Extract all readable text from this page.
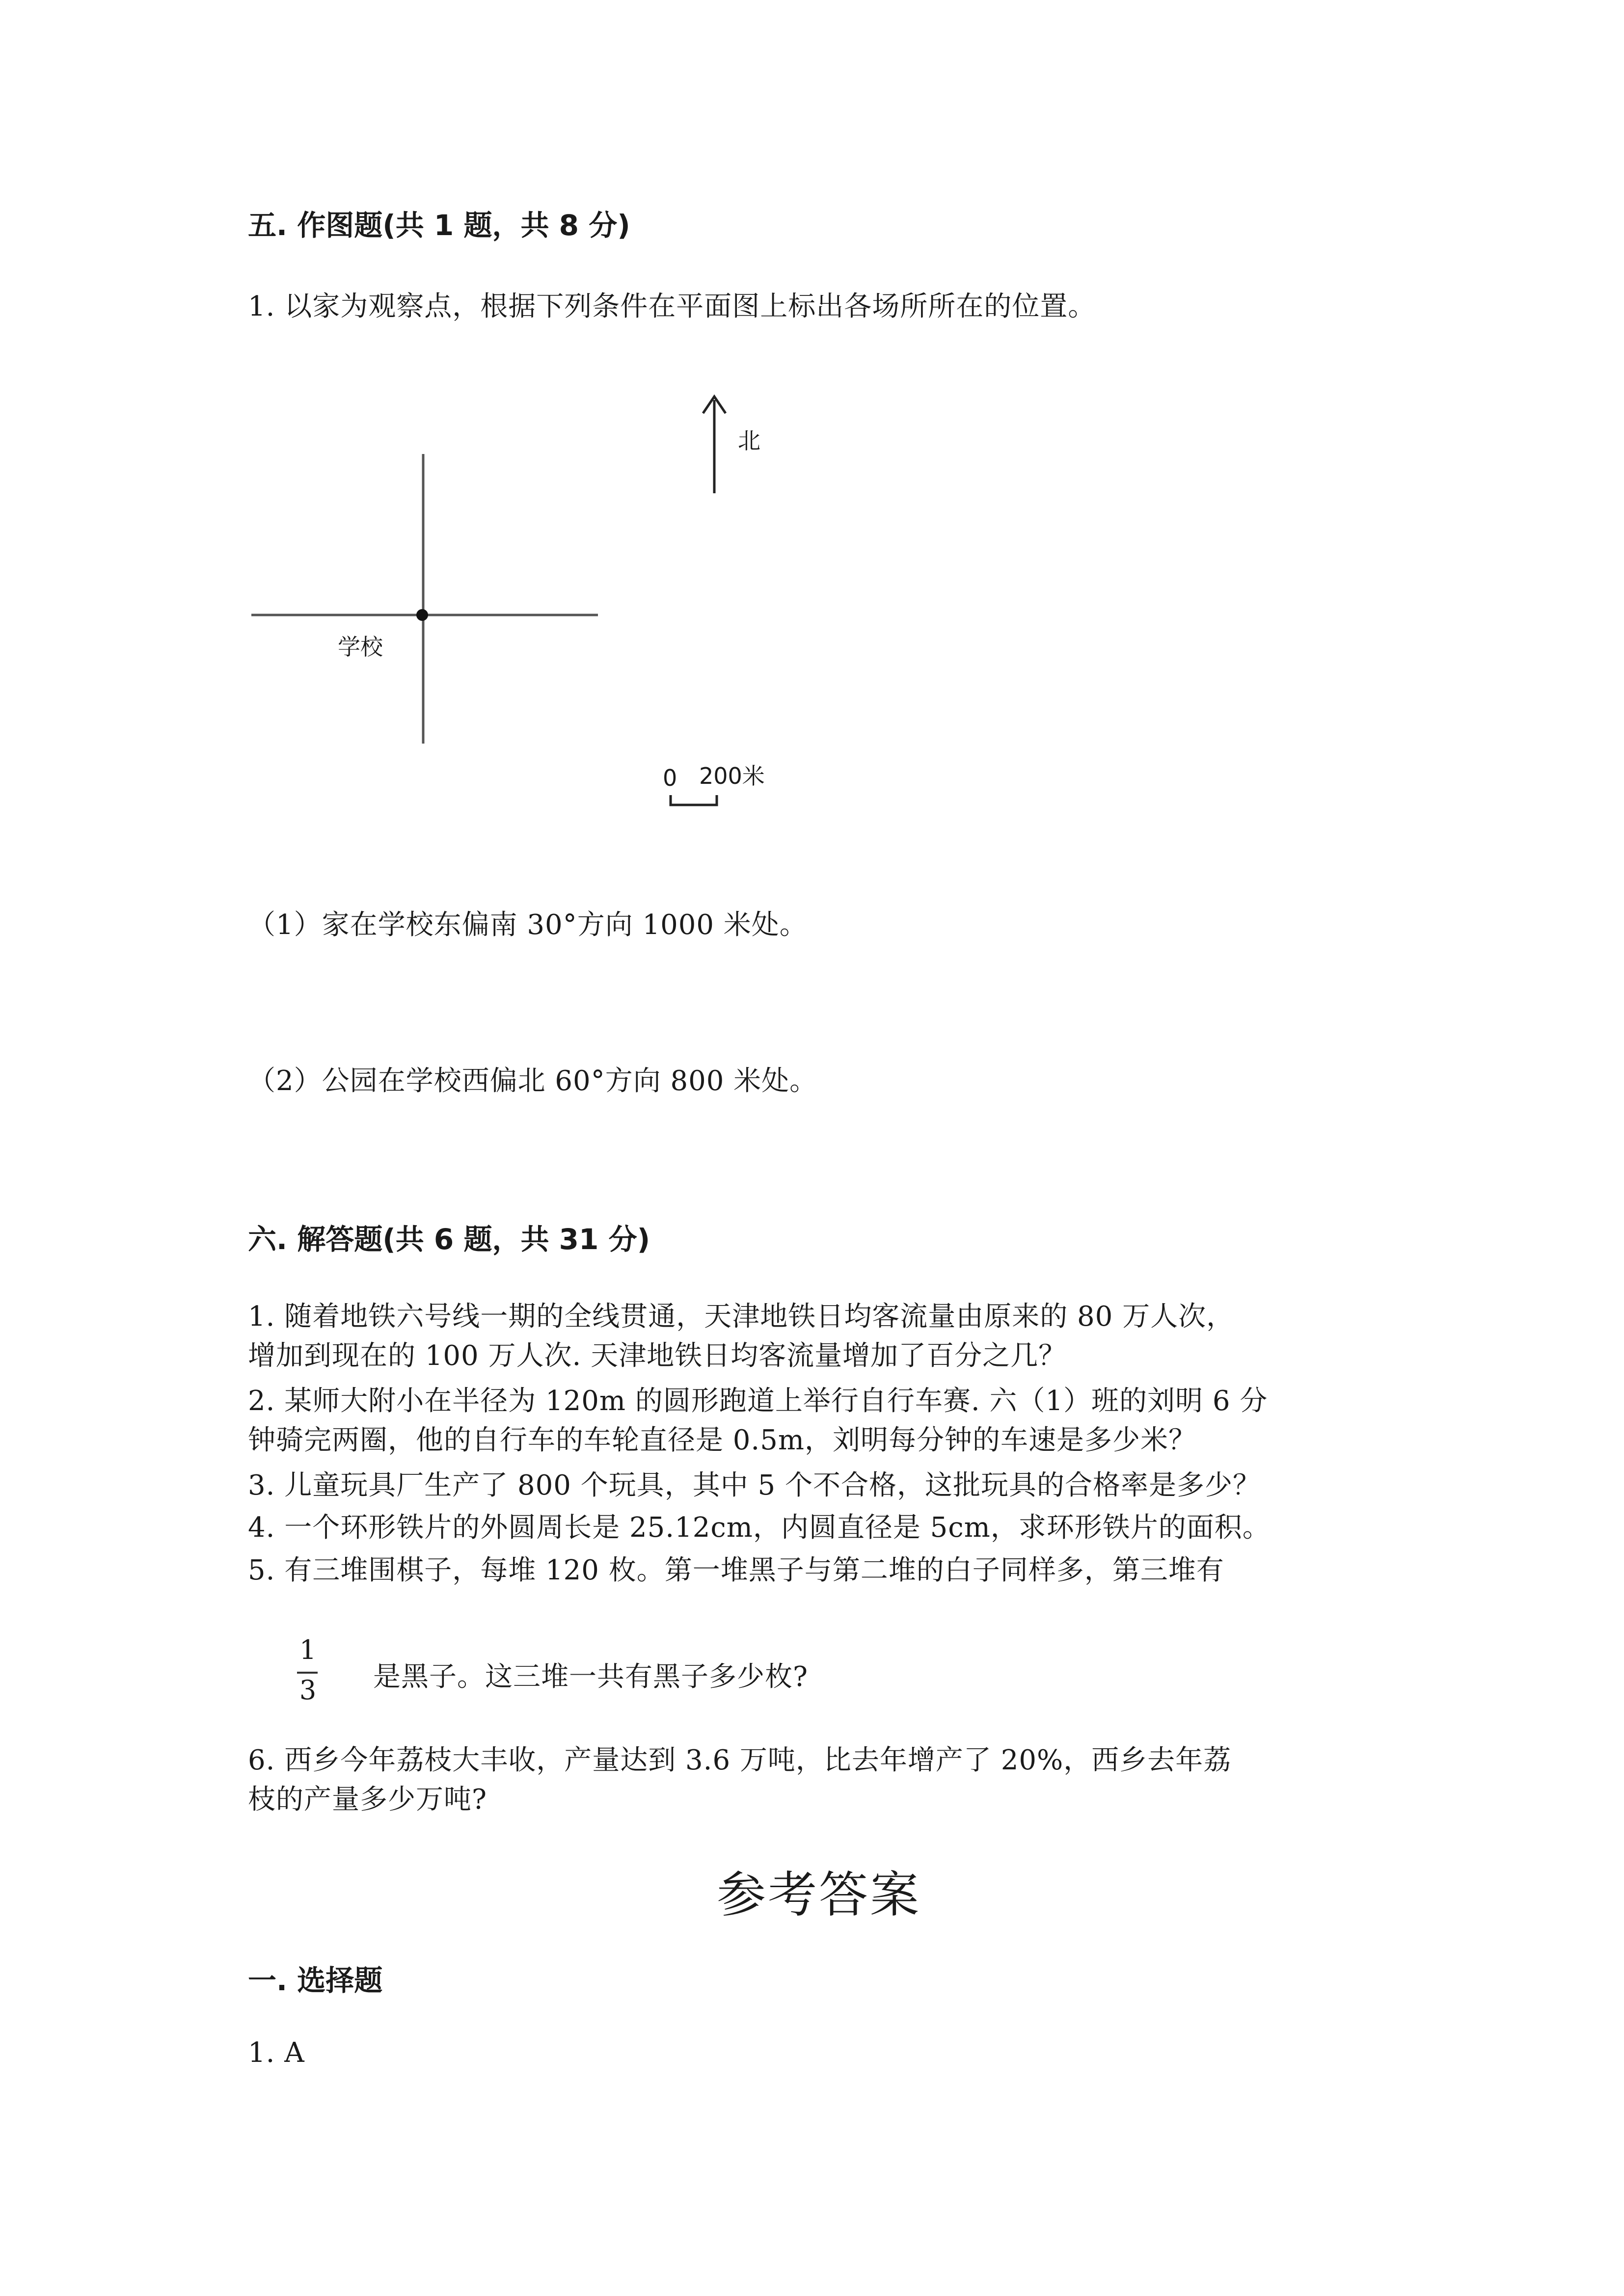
五. 作图题(共 1 题，共 8 分)
1. 以家为观察点，根据下列条件在平面图上标出各场所所在的位置。
北
学校
0 200米
（1）家在学校东偏南 30°方向 1000 米处。
（2）公园在学校西偏北 60°方向 800 米处。
六. 解答题(共 6 题，共 31 分)
1. 随着地铁六号线一期的全线贯通，天津地铁日均客流量由原来的 80 万人次，
增加到现在的 100 万人次. 天津地铁日均客流量增加了百分之几？
2. 某师大附小在半径为 120m 的圆形跑道上举行自行车赛. 六（1）班的刘明 6 分
钟骑完两圈，他的自行车的车轮直径是 0.5m，刘明每分钟的车速是多少米？
3. 儿童玩具厂生产了 800 个玩具，其中 5 个不合格，这批玩具的合格率是多少？
4. 一个环形铁片的外圆周长是 25.12cm，内圆直径是 5cm，求环形铁片的面积。
5. 有三堆围棋子，每堆 120 枚。第一堆黑子与第二堆的白子同样多，第三堆有
1
3 是黑子。这三堆一共有黑子多少枚?
6. 西乡今年荔枝大丰收，产量达到 3.6 万吨，比去年增产了 20%，西乡去年荔
枝的产量多少万吨?
参考答案
一. 选择题
1. A
